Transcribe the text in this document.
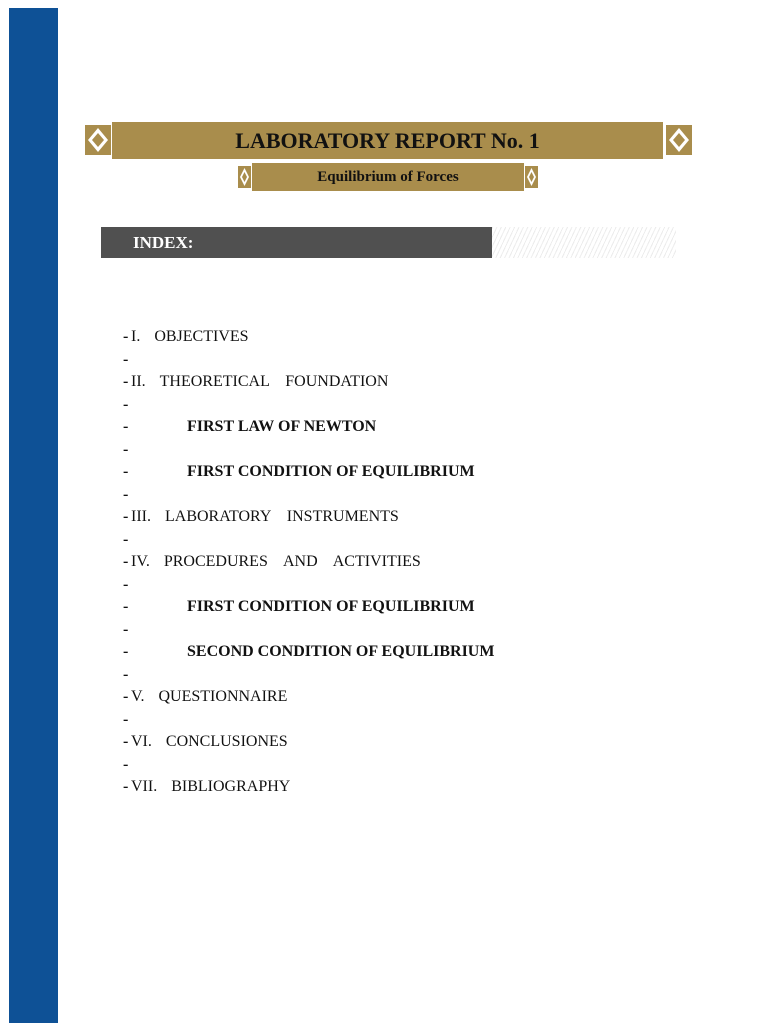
LABORATORY REPORT No. 1
Equilibrium of Forces
INDEX:
- I. OBJECTIVES
-
- II. THEORETICAL    FOUNDATION
-
-	FIRST LAW OF NEWTON
-
-	FIRST CONDITION OF EQUILIBRIUM
-
- III. LABORATORY    INSTRUMENTS
-
- IV. PROCEDURES    AND    ACTIVITIES
-
-	FIRST CONDITION OF EQUILIBRIUM
-
-	SECOND CONDITION OF EQUILIBRIUM
-
- V. QUESTIONNAIRE
-
- VI. CONCLUSIONES
-
- VII. BIBLIOGRAPHY
